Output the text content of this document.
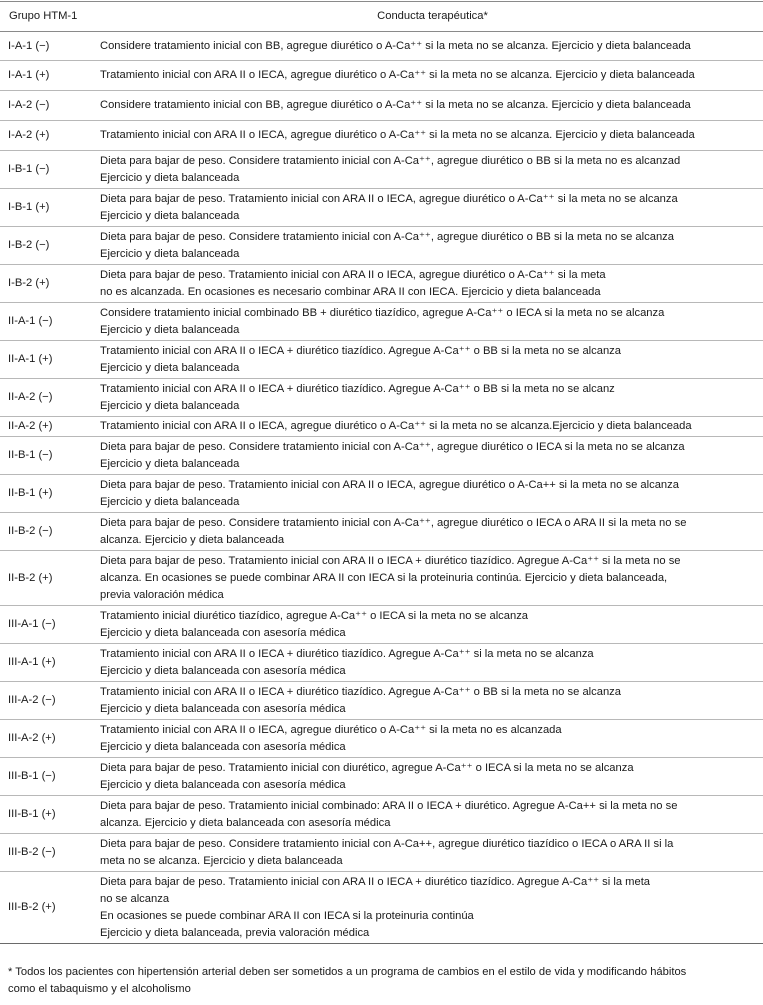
Grupo HTM-1	Conducta terapéutica*
I-A-1 (−)	Considere tratamiento inicial con BB, agregue diurético o A-Ca⁺⁺ si la meta no se alcanza. Ejercicio y dieta balanceada

I-A-1 (+)	Tratamiento inicial con ARA II o IECA, agregue diurético o A-Ca⁺⁺ si la meta no se alcanza. Ejercicio y dieta balanceada

I-A-2 (−)	Considere tratamiento inicial con BB, agregue diurético o A-Ca⁺⁺ si la meta no se alcanza. Ejercicio y dieta balanceada

I-A-2 (+)	Tratamiento inicial con ARA II o IECA, agregue diurético o A-Ca⁺⁺ si la meta no se alcanza. Ejercicio y dieta balanceada

I-B-1 (−)	Dieta para bajar de peso. Considere tratamiento inicial con A-Ca⁺⁺, agregue diurético o BB si la meta no es alcanzad
Ejercicio y dieta balanceada

I-B-1 (+)	Dieta para bajar de peso. Tratamiento inicial con ARA II o IECA, agregue diurético o A-Ca⁺⁺ si la meta no se alcanza
Ejercicio y dieta balanceada

I-B-2 (−)	Dieta para bajar de peso. Considere tratamiento inicial con A-Ca⁺⁺, agregue diurético o BB si la meta no se alcanza
Ejercicio y dieta balanceada

I-B-2 (+)	Dieta para bajar de peso. Tratamiento inicial con ARA II o IECA, agregue diurético o A-Ca⁺⁺ si la meta
no es alcanzada. En ocasiones es necesario combinar ARA II con IECA. Ejercicio y dieta balanceada

II-A-1 (−)	Considere tratamiento inicial combinado BB + diurético tiazídico, agregue A-Ca⁺⁺ o IECA si la meta no se alcanza
Ejercicio y dieta balanceada

II-A-1 (+)	Tratamiento inicial con ARA II o IECA + diurético tiazídico. Agregue A-Ca⁺⁺ o BB si la meta no se alcanza
Ejercicio y dieta balanceada

II-A-2 (−)	Tratamiento inicial con ARA II o IECA + diurético tiazídico. Agregue A-Ca⁺⁺ o BB si la meta no se alcanz
Ejercicio y dieta balanceada

II-A-2 (+)	Tratamiento inicial con ARA II o IECA, agregue diurético o A-Ca⁺⁺ si la meta no se alcanza.Ejercicio y dieta balanceada

II-B-1 (−)	Dieta para bajar de peso. Considere tratamiento inicial con A-Ca⁺⁺, agregue diurético o IECA si la meta no se alcanza
Ejercicio y dieta balanceada

II-B-1 (+)	Dieta para bajar de peso. Tratamiento inicial con ARA II o IECA, agregue diurético o A-Ca++ si la meta no se alcanza
Ejercicio y dieta balanceada

II-B-2 (−)	Dieta para bajar de peso. Considere tratamiento inicial con A-Ca⁺⁺, agregue diurético o IECA o ARA II si la meta no se
alcanza. Ejercicio y dieta balanceada

II-B-2 (+)	Dieta para bajar de peso. Tratamiento inicial con ARA II o IECA + diurético tiazídico. Agregue A-Ca⁺⁺ si la meta no se
alcanza. En ocasiones se puede combinar ARA II con IECA si la proteinuria continúa. Ejercicio y dieta balanceada,
previa valoración médica

III-A-1 (−)	Tratamiento inicial diurético tiazídico, agregue A-Ca⁺⁺ o IECA si la meta no se alcanza
Ejercicio y dieta balanceada con asesoría médica

III-A-1 (+)	Tratamiento inicial con ARA II o IECA + diurético tiazídico. Agregue A-Ca⁺⁺ si la meta no se alcanza
Ejercicio y dieta balanceada con asesoría médica

III-A-2 (−)	Tratamiento inicial con ARA II o IECA + diurético tiazídico. Agregue A-Ca⁺⁺ o BB si la meta no se alcanza
Ejercicio y dieta balanceada con asesoría médica

III-A-2 (+)	Tratamiento inicial con ARA II o IECA, agregue diurético o A-Ca⁺⁺ si la meta no es alcanzada
Ejercicio y dieta balanceada con asesoría médica

III-B-1 (−)	Dieta para bajar de peso. Tratamiento inicial con diurético, agregue A-Ca⁺⁺ o IECA si la meta no se alcanza
Ejercicio y dieta balanceada con asesoría médica

III-B-1 (+)	Dieta para bajar de peso. Tratamiento inicial combinado: ARA II o IECA + diurético. Agregue A-Ca++ si la meta no se
alcanza. Ejercicio y dieta balanceada con asesoría médica

III-B-2 (−)	Dieta para bajar de peso. Considere tratamiento inicial con A-Ca++, agregue diurético tiazídico o IECA o ARA II si la
meta no se alcanza. Ejercicio y dieta balanceada

III-B-2 (+)	Dieta para bajar de peso. Tratamiento inicial con ARA II o IECA + diurético tiazídico. Agregue A-Ca⁺⁺ si la meta
no se alcanza
En ocasiones se puede combinar ARA II con IECA si la proteinuria continúa
Ejercicio y dieta balanceada, previa valoración médica
* Todos los pacientes con hipertensión arterial deben ser sometidos a un programa de cambios en el estilo de vida y modificando hábitos
como el tabaquismo y el alcoholismo
